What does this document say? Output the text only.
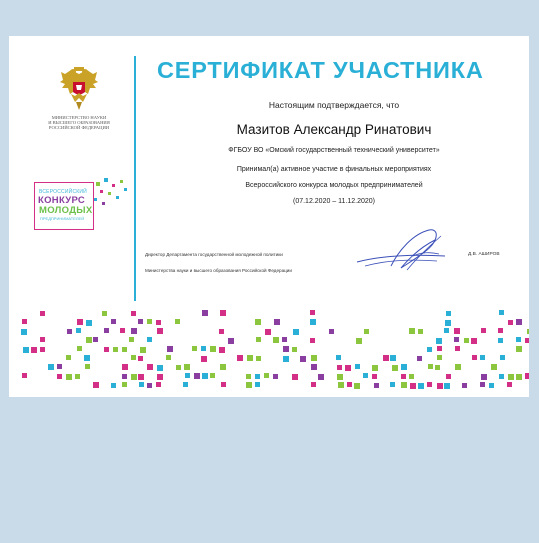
МИНИСТЕРСТВО НАУКИ
И ВЫСШЕГО ОБРАЗОВАНИЯ
РОССИЙСКОЙ ФЕДЕРАЦИИ
ВСЕРОССИЙСКИЙ
КОНКУРС
МОЛОДЫХ
ПРЕДПРИНИМАТЕЛЕЙ
СЕРТИФИКАТ УЧАСТНИКА
Настоящим подтверждается, что
Мазитов Александр Ринатович
ФГБОУ ВО «Омский государственный технический университет»
Принимал(а) активное участие в финальных мероприятиях
Всероссийского конкурса молодых предпринимателей
(07.12.2020 – 11.12.2020)
Директор Департамента государственной молодежной политики
Министерства науки и высшего образования Российской Федерации
Д.В. АШИРОВ
